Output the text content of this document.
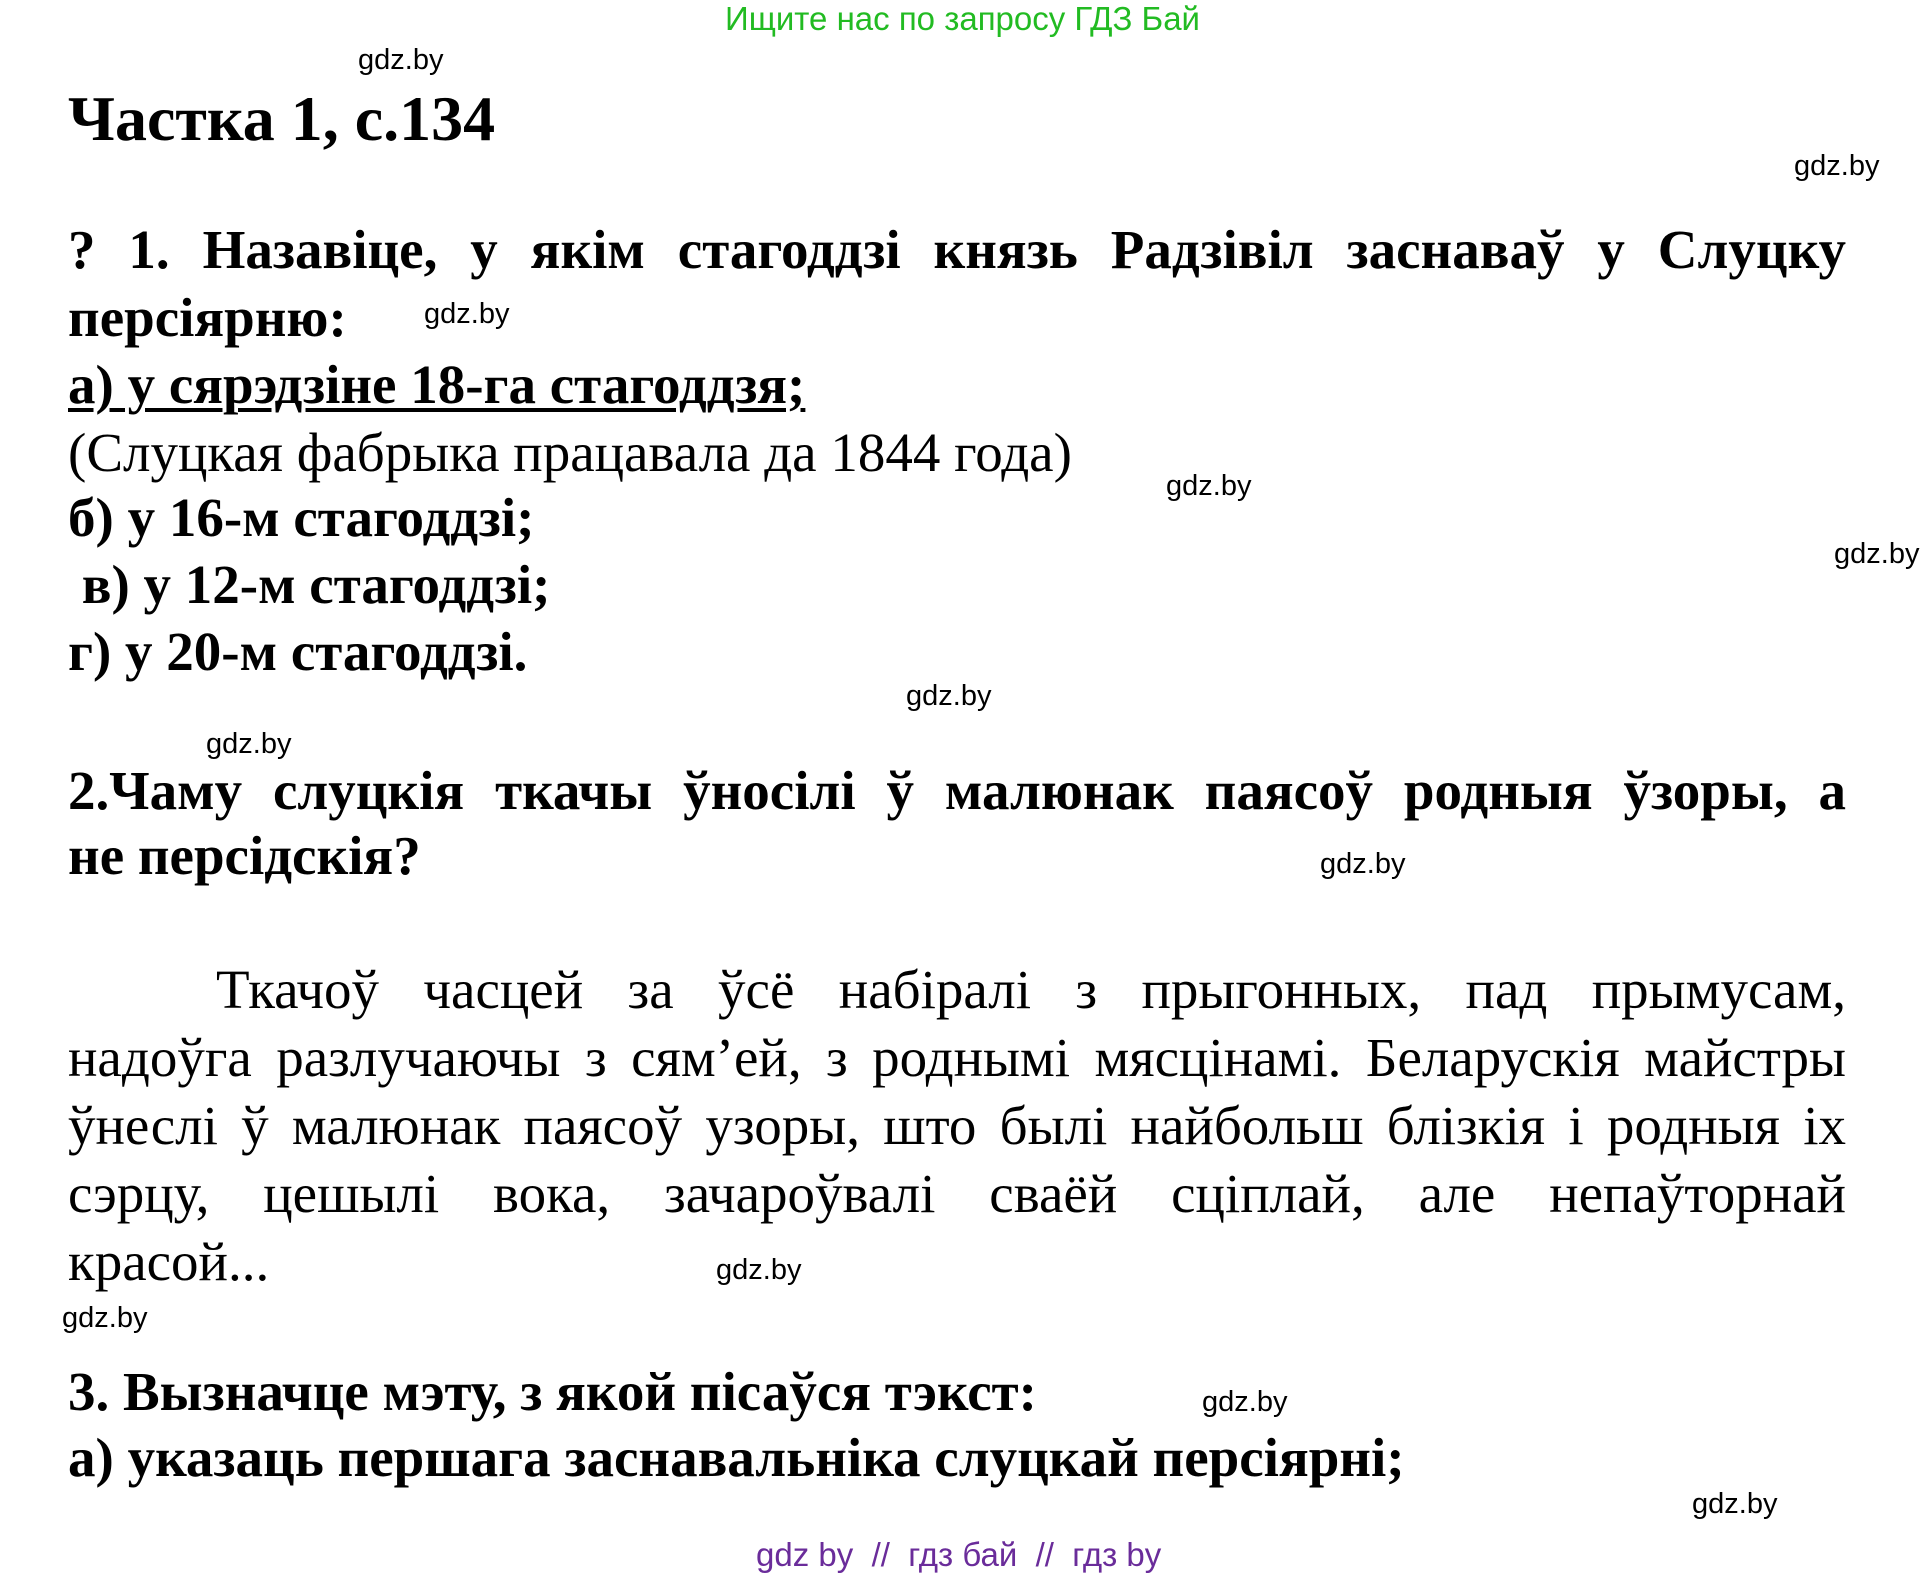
Ищите нас по запросу ГДЗ Бай
Частка 1, с.134
? 1. Назавіце, у якім стагоддзі князь Радзівіл заснаваў у Слуцку
персіярню:
а) у сярэдзіне 18-га стагоддзя;
(Слуцкая фабрыка працавала да 1844 года)
б) у 16-м стагоддзі;
в) у 12-м стагоддзі;
г) у 20-м стагоддзі.
2.Чаму слуцкія ткачы ўносілі ў малюнак паясоў родныя ўзоры, а
не персідскія?
Ткачоў часцей за ўсё набіралі з прыгонных, пад прымусам,
надоўга разлучаючы з сям’ей, з роднымі мясцінамі. Беларускія майстры
ўнеслі ў малюнак паясоў узоры, што былі найбольш блізкія і родныя іх
сэрцу, цешылі вока, зачароўвалі сваёй сціплай, але непаўторнай
красой...
3. Вызначце мэту, з якой пісаўся тэкст:
а) указаць першага заснавальніка слуцкай персіярні;
gdz.by
gdz.by
gdz.by
gdz.by
gdz.by
gdz.by
gdz.by
gdz.by
gdz.by
gdz.by
gdz.by
gdz.by
gdz by  //  гдз бай  //  гдз by
